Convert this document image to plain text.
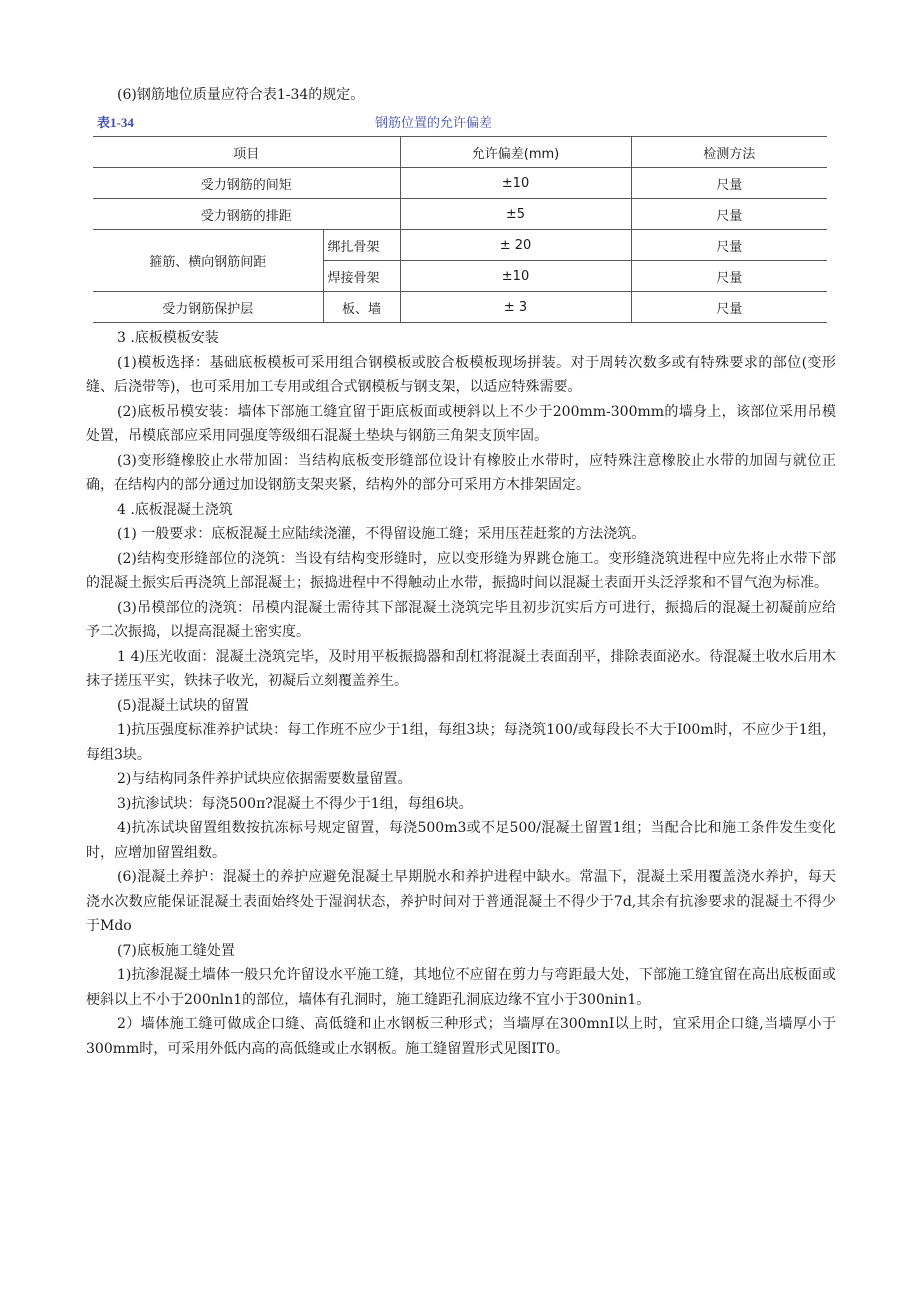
(6)钢筋地位质量应符合表1-34的规定。
表1-34	钢筋位置的允许偏差
项目		允许偏差(mm)	检测方法
受力钢筋的间矩		±10	尺量
受力钢筋的排距		±5	尺量
箍筋、横向钢筋间距	绑扎骨架	± 20	尺量
	焊接骨架	±10	尺量
受力钢筋保护层	板、墙	± 3	尺量

3 .底板模板安装

(1)模板选择：基础底板模板可采用组合钢模板或胶合板模板现场拼装。对于周转次数多或有特殊要求的部位(变形缝、后浇带等)，也可采用加工专用或组合式钢模板与钢支架，以适应特殊需要。

(2)底板吊模安装：墙体下部施工缝宜留于距底板面或梗斜以上不少于200mm-300mm的墙身上，该部位采用吊模处置，吊模底部应采用同强度等级细石混凝土垫块与钢筋三角架支顶牢固。

(3)变形缝橡胶止水带加固：当结构底板变形缝部位设计有橡胶止水带时，应特殊注意橡胶止水带的加固与就位正确，在结构内的部分通过加设钢筋支架夹紧，结构外的部分可采用方木排架固定。

4 .底板混凝土浇筑

(1) 一般要求：底板混凝土应陆续浇灌，不得留设施工缝；采用压茬赶浆的方法浇筑。

(2)结构变形缝部位的浇筑：当设有结构变形缝时，应以变形缝为界跳仓施工。变形缝浇筑进程中应先将止水带下部的混凝土振实后再浇筑上部混凝土；振捣进程中不得触动止水带，振捣时间以混凝土表面开头泛浮浆和不冒气泡为标准。

(3)吊模部位的浇筑：吊模内混凝土需待其下部混凝土浇筑完毕且初步沉实后方可进行，振捣后的混凝土初凝前应给予二次振捣，以提高混凝土密实度。

1 4)压光收面：混凝土浇筑完毕，及时用平板振捣器和刮杠将混凝土表面刮平，排除表面泌水。待混凝土收水后用木抹子搓压平实，铁抹子收光，初凝后立刻覆盖养生。

(5)混凝土试块的留置

1)抗压强度标准养护试块：每工作班不应少于1组，每组3块；每浇筑100/或每段长不大于I00m时，不应少于1组，每组3块。

2)与结构同条件养护试块应依据需要数量留置。

3)抗渗试块：每浇500π?混凝土不得少于1组，每组6块。

4)抗冻试块留置组数按抗冻标号规定留置，每浇500m3或不足500/混凝土留置1组；当配合比和施工条件发生变化时，应增加留置组数。

(6)混凝土养护：混凝土的养护应避免混凝土早期脱水和养护进程中缺水。常温下，混凝土采用覆盖浇水养护，每天浇水次数应能保证混凝土表面始终处于湿润状态，养护时间对于普通混凝土不得少于7d,其余有抗渗要求的混凝土不得少于Mdo

(7)底板施工缝处置

1)抗渗混凝土墙体一般只允许留设水平施工缝，其地位不应留在剪力与弯距最大处，下部施工缝宜留在高出底板面或梗斜以上不小于200nln1的部位，墙体有孔洞时，施工缝距孔洞底边缘不宜小于300nin1。

2）墙体施工缝可做成企口缝、高低缝和止水钢板三种形式；当墙厚在300mnI以上时，宜采用企口缝,当墙厚小于300mm时，可采用外低内高的高低缝或止水钢板。施工缝留置形式见图IT0。
